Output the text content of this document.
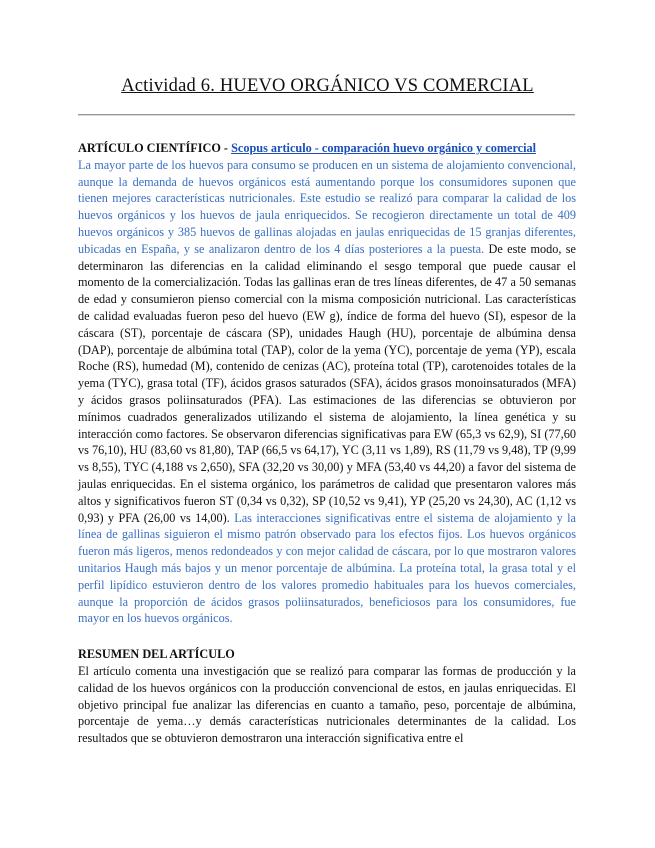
Actividad 6. HUEVO ORGÁNICO VS COMERCIAL

ARTÍCULO CIENTÍFICO - Scopus articulo - comparación huevo orgánico y comercial
La mayor parte de los huevos para consumo se producen en un sistema de alojamiento convencional, aunque la demanda de huevos orgánicos está aumentando porque los consumidores suponen que tienen mejores características nutricionales. Este estudio se realizó para comparar la calidad de los huevos orgánicos y los huevos de jaula enriquecidos. Se recogieron directamente un total de 409 huevos orgánicos y 385 huevos de gallinas alojadas en jaulas enriquecidas de 15 granjas diferentes, ubicadas en España, y se analizaron dentro de los 4 días posteriores a la puesta. De este modo, se determinaron las diferencias en la calidad eliminando el sesgo temporal que puede causar el momento de la comercialización. Todas las gallinas eran de tres líneas diferentes, de 47 a 50 semanas de edad y consumieron pienso comercial con la misma composición nutricional. Las características de calidad evaluadas fueron peso del huevo (EW g), índice de forma del huevo (SI), espesor de la cáscara (ST), porcentaje de cáscara (SP), unidades Haugh (HU), porcentaje de albúmina densa (DAP), porcentaje de albúmina total (TAP), color de la yema (YC), porcentaje de yema (YP), escala Roche (RS), humedad (M), contenido de cenizas (AC), proteína total (TP), carotenoides totales de la yema (TYC), grasa total (TF), ácidos grasos saturados (SFA), ácidos grasos monoinsaturados (MFA) y ácidos grasos poliinsaturados (PFA). Las estimaciones de las diferencias se obtuvieron por mínimos cuadrados generalizados utilizando el sistema de alojamiento, la línea genética y su interacción como factores. Se observaron diferencias significativas para EW (65,3 vs 62,9), SI (77,60 vs 76,10), HU (83,60 vs 81,80), TAP (66,5 vs 64,17), YC (3,11 vs 1,89), RS (11,79 vs 9,48), TP (9,99 vs 8,55), TYC (4,188 vs 2,650), SFA (32,20 vs 30,00) y MFA (53,40 vs 44,20) a favor del sistema de jaulas enriquecidas. En el sistema orgánico, los parámetros de calidad que presentaron valores más altos y significativos fueron ST (0,34 vs 0,32), SP (10,52 vs 9,41), YP (25,20 vs 24,30), AC (1,12 vs 0,93) y PFA (26,00 vs 14,00). Las interacciones significativas entre el sistema de alojamiento y la línea de gallinas siguieron el mismo patrón observado para los efectos fijos. Los huevos orgánicos fueron más ligeros, menos redondeados y con mejor calidad de cáscara, por lo que mostraron valores unitarios Haugh más bajos y un menor porcentaje de albúmina. La proteína total, la grasa total y el perfil lipídico estuvieron dentro de los valores promedio habituales para los huevos comerciales, aunque la proporción de ácidos grasos poliinsaturados, beneficiosos para los consumidores, fue mayor en los huevos orgánicos.

RESUMEN DEL ARTÍCULO

El artículo comenta una investigación que se realizó para comparar las formas de producción y la calidad de los huevos orgánicos con la producción convencional de estos, en jaulas enriquecidas. El objetivo principal fue analizar las diferencias en cuanto a tamaño, peso, porcentaje de albúmina, porcentaje de yema…y demás características nutricionales determinantes de la calidad. Los resultados que se obtuvieron demostraron una interacción significativa entre el
